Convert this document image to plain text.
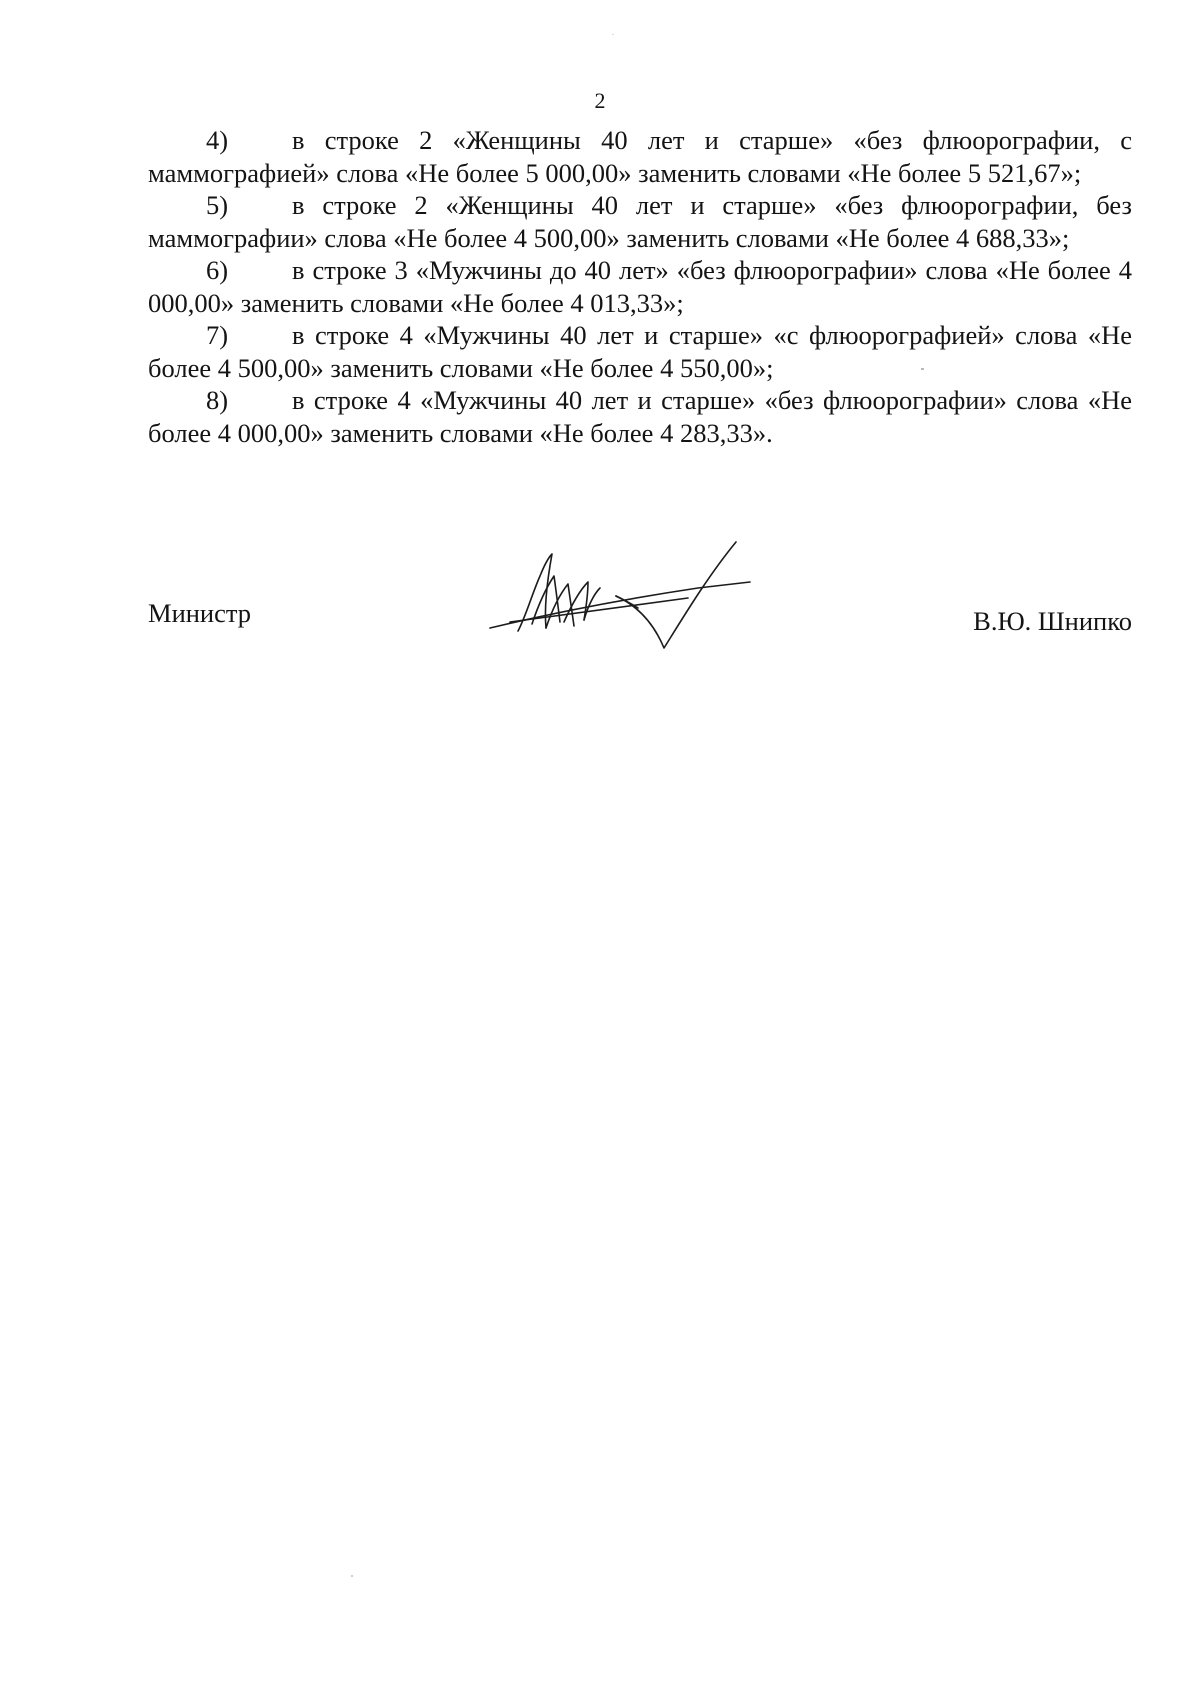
2

4) в строке 2 «Женщины 40 лет и старше» «без флюорографии, с маммографией» слова «Не более 5 000,00» заменить словами «Не более 5 521,67»;

5) в строке 2 «Женщины 40 лет и старше» «без флюорографии, без маммографии» слова «Не более 4 500,00» заменить словами «Не более 4 688,33»;

6) в строке 3 «Мужчины до 40 лет» «без флюорографии» слова «Не более 4 000,00» заменить словами «Не более 4 013,33»;

7) в строке 4 «Мужчины 40 лет и старше» «с флюорографией» слова «Не более 4 500,00» заменить словами «Не более 4 550,00»;

8) в строке 4 «Мужчины 40 лет и старше» «без флюорографии» слова «Не более 4 000,00» заменить словами «Не более 4 283,33».

Министр	В.Ю. Шнипко
